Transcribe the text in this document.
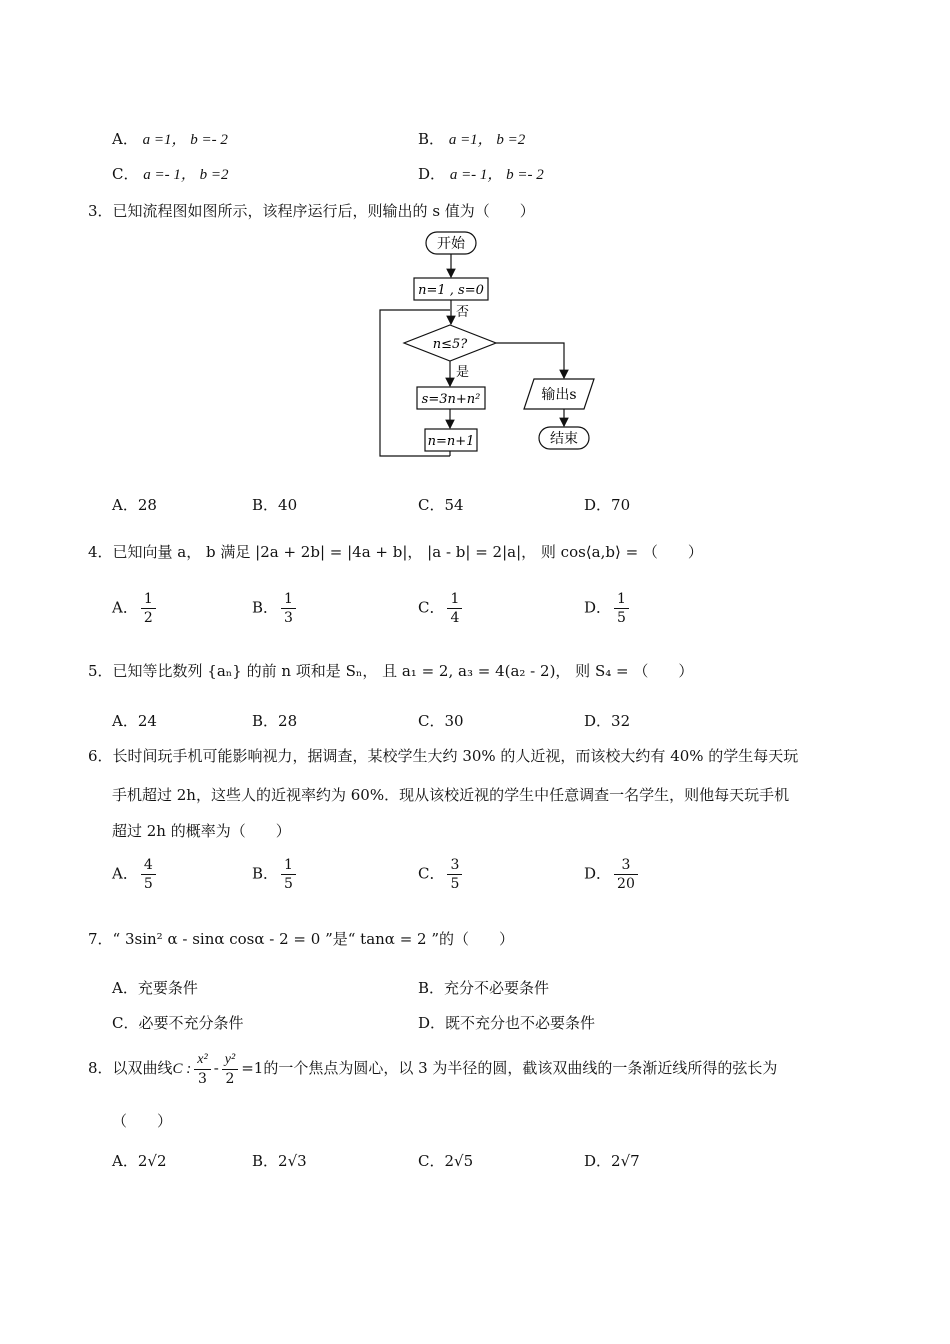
A． a =1， b =- 2	B． a =1， b =2
C． a =- 1， b =2	D． a =- 1， b =- 2
3．已知流程图如图所示，该程序运行后，则输出的 s 值为（　　）
开始
n=1 , s=0
否
n≤5?
是
s=3n+n²
n=n+1
输出s
结束
A．28	B．40	C．54	D．70
4．已知向量 a， b 满足 |2a + 2b| = |4a + b|， |a - b| = 2|a|， 则 cos⟨a,b⟩ = （　　）
A． $\frac{1}{2}$	B． $\frac{1}{3}$	C． $\frac{1}{4}$	D． $\frac{1}{5}$
5．已知等比数列 {aₙ} 的前 n 项和是 Sₙ， 且 a₁ = 2, a₃ = 4(a₂ - 2)， 则 S₄ = （　　）
A．24	B．28	C．30	D．32
6．长时间玩手机可能影响视力，据调查，某校学生大约 30% 的人近视，而该校大约有 40% 的学生每天玩
手机超过 2h，这些人的近视率约为 60%．现从该校近视的学生中任意调查一名学生，则他每天玩手机
超过 2h 的概率为（　　）
A． $\frac{4}{5}$	B． $\frac{1}{5}$	C． $\frac{3}{5}$	D． $\frac{3}{20}$
7．“ 3sin² α - sinα cosα - 2 = 0 ”是“ tanα = 2 ”的（　　）
A．充要条件	B．充分不必要条件
C．必要不充分条件	D．既不充分也不必要条件
8．以双曲线C : $\frac{\text{x²}}{3} - \frac{\text{y²}}{2} =1$的一个焦点为圆心，以 3 为半径的圆，截该双曲线的一条渐近线所得的弦长为
（　　）
A．2√2	B．2√3	C．2√5	D．2√7
